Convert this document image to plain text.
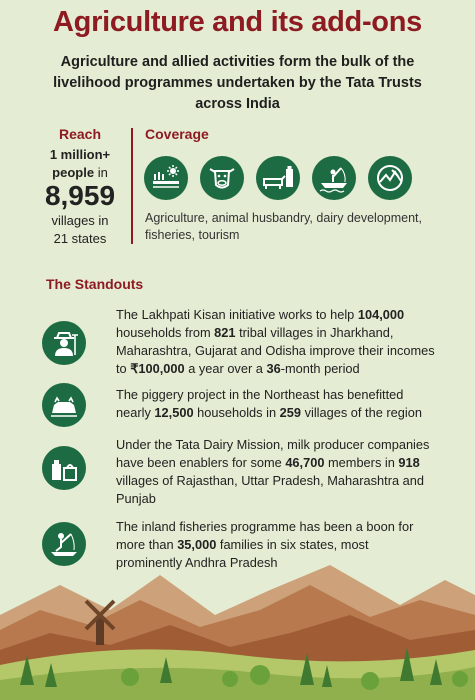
Agriculture and its add-ons
Agriculture and allied activities form the bulk of the livelihood programmes undertaken by the Tata Trusts across India
Reach
1 million+
people in
8,959
villages in
21 states
Coverage
Agriculture, animal husbandry, dairy development, fisheries, tourism
The Standouts
The Lakhpati Kisan initiative works to help 104,000 households from 821 tribal villages in Jharkhand, Maharashtra, Gujarat and Odisha improve their incomes to ₹100,000 a year over a 36-month period
The piggery project in the Northeast has benefitted nearly 12,500 households in 259 villages of the region
Under the Tata Dairy Mission, milk producer companies have been enablers for some 46,700 members in 918 villages of Rajasthan, Uttar Pradesh, Maharashtra and Punjab
The inland fisheries programme has been a boon for more than 35,000 families in six states, most prominently Andhra Pradesh
